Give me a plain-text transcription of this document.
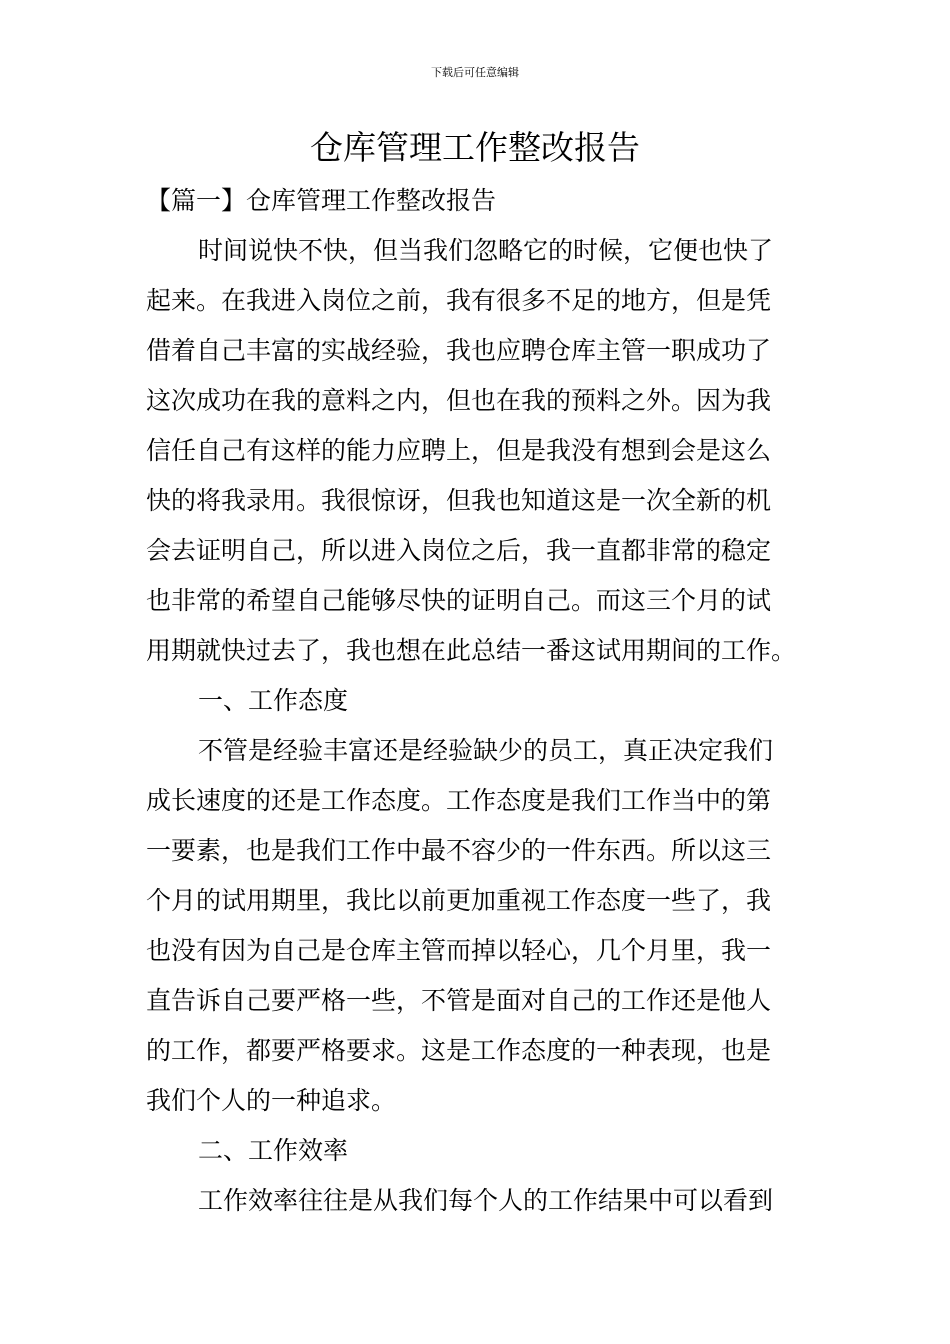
下载后可任意编辑
仓库管理工作整改报告
【篇一】仓库管理工作整改报告
时间说快不快，但当我们忽略它的时候，它便也快了
起来。在我进入岗位之前，我有很多不足的地方，但是凭
借着自己丰富的实战经验，我也应聘仓库主管一职成功了
这次成功在我的意料之内，但也在我的预料之外。因为我
信任自己有这样的能力应聘上，但是我没有想到会是这么
快的将我录用。我很惊讶，但我也知道这是一次全新的机
会去证明自己，所以进入岗位之后，我一直都非常的稳定
也非常的希望自己能够尽快的证明自己。而这三个月的试
用期就快过去了，我也想在此总结一番这试用期间的工作。
一、工作态度
不管是经验丰富还是经验缺少的员工，真正决定我们
成长速度的还是工作态度。工作态度是我们工作当中的第
一要素，也是我们工作中最不容少的一件东西。所以这三
个月的试用期里，我比以前更加重视工作态度一些了，我
也没有因为自己是仓库主管而掉以轻心，几个月里，我一
直告诉自己要严格一些，不管是面对自己的工作还是他人
的工作，都要严格要求。这是工作态度的一种表现，也是
我们个人的一种追求。
二、工作效率
工作效率往往是从我们每个人的工作结果中可以看到
